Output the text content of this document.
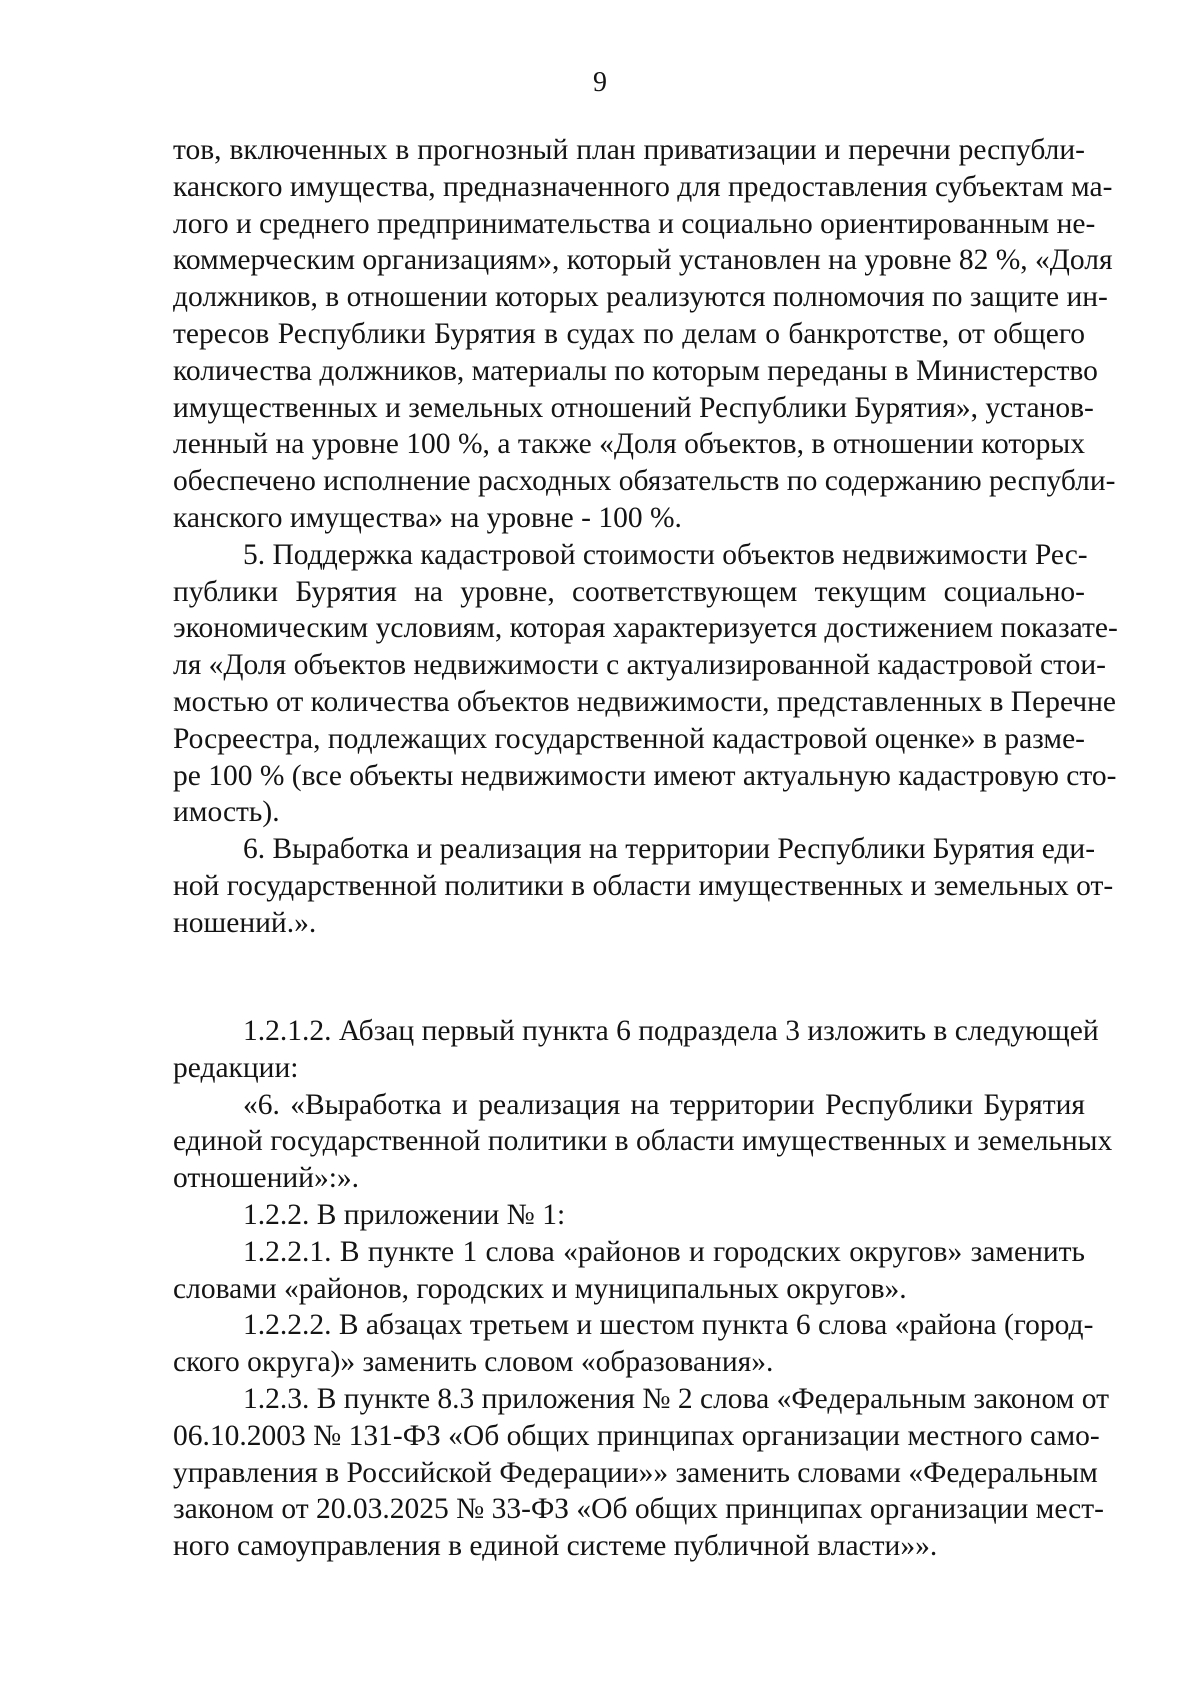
9
тов, включенных в прогнозный план приватизации и перечни республи-
канского имущества, предназначенного для предоставления субъектам ма-
лого и среднего предпринимательства и социально ориентированным не-
коммерческим организациям», который установлен на уровне 82 %, «Доля
должников, в отношении которых реализуются полномочия по защите ин-
тересов Республики Бурятия в судах по делам о банкротстве, от общего
количества должников, материалы по которым переданы в Министерство
имущественных и земельных отношений Республики Бурятия», установ-
ленный на уровне 100 %, а также «Доля объектов, в отношении которых
обеспечено исполнение расходных обязательств по содержанию республи-
канского имущества» на уровне - 100 %.
5. Поддержка кадастровой стоимости объектов недвижимости Рес-
публики Бурятия на уровне, соответствующем текущим социально-
экономическим условиям, которая характеризуется достижением показате-
ля «Доля объектов недвижимости с актуализированной кадастровой стои-
мостью от количества объектов недвижимости, представленных в Перечне
Росреестра, подлежащих государственной кадастровой оценке» в разме-
ре 100 % (все объекты недвижимости имеют актуальную кадастровую сто-
имость).
6. Выработка и реализация на территории Республики Бурятия еди-
ной государственной политики в области имущественных и земельных от-
ношений.».
1.2.1.2. Абзац первый пункта 6 подраздела 3 изложить в следующей
редакции:
«6. «Выработка и реализация на территории Республики Бурятия
единой государственной политики в области имущественных и земельных
отношений»:».
1.2.2. В приложении № 1:
1.2.2.1. В пункте 1 слова «районов и городских округов» заменить
словами «районов, городских и муниципальных округов».
1.2.2.2. В абзацах третьем и шестом пункта 6 слова «района (город-
ского округа)» заменить словом «образования».
1.2.3. В пункте 8.3 приложения № 2 слова «Федеральным законом от
06.10.2003 № 131-ФЗ «Об общих принципах организации местного само-
управления в Российской Федерации»» заменить словами «Федеральным
законом от 20.03.2025 № 33-ФЗ «Об общих принципах организации мест-
ного самоуправления в единой системе публичной власти»».
